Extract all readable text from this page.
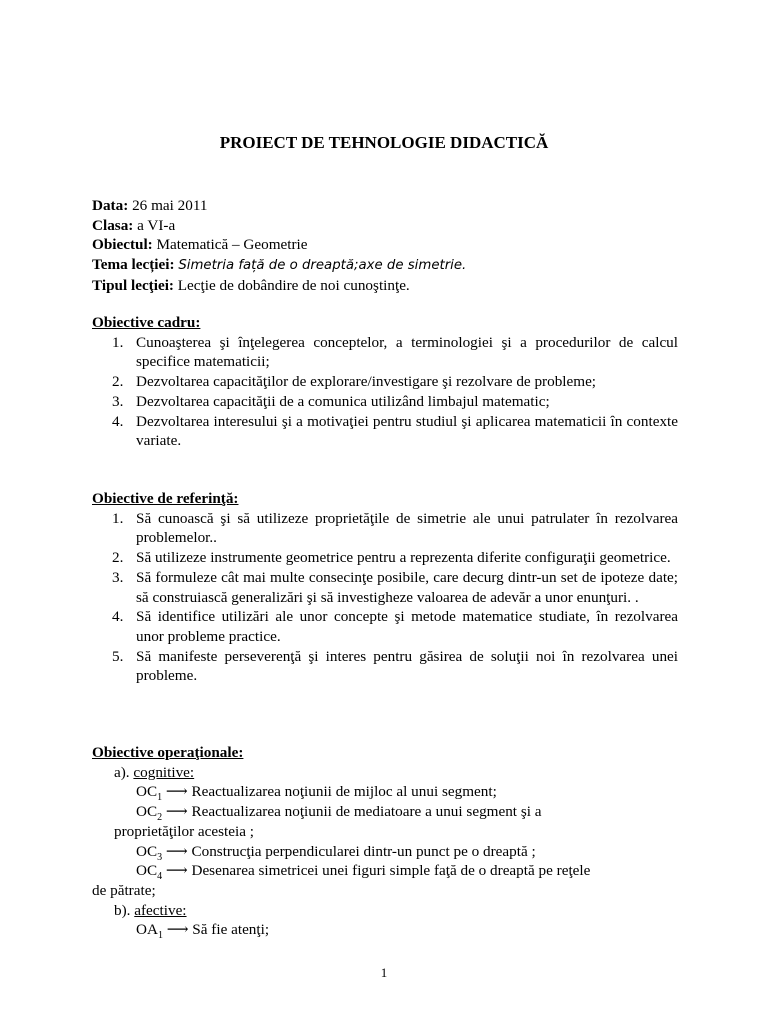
PROIECT DE TEHNOLOGIE DIDACTICĂ
Data: 26 mai 2011
Clasa: a VI-a
Obiectul: Matematică – Geometrie
Tema lecției: Simetria față de o dreaptă;axe de simetrie.
Tipul lecţiei: Lecţie de dobândire de noi cunoştinţe.
Obiective cadru:
1. Cunoaşterea şi înţelegerea conceptelor, a terminologiei şi a procedurilor de calcul specifice matematicii;
2. Dezvoltarea capacităţilor de explorare/investigare şi rezolvare de probleme;
3. Dezvoltarea capacităţii de a comunica utilizând limbajul matematic;
4. Dezvoltarea interesului şi a motivaţiei pentru studiul şi aplicarea matematicii în contexte variate.
Obiective de referinţă:
1. Să cunoască şi să utilizeze proprietăţile de simetrie ale unui patrulater în rezolvarea problemelor..
2. Să utilizeze instrumente geometrice pentru a reprezenta diferite configuraţii geometrice.
3. Să formuleze cât mai multe consecinţe posibile, care decurg dintr-un set de ipoteze date; să construiască generalizări şi să investigheze valoarea de adevăr a unor enunţuri. .
4. Să identifice utilizări ale unor concepte şi metode matematice studiate, în rezolvarea unor probleme practice.
5. Să manifeste perseverenţă şi interes pentru găsirea de soluţii noi în rezolvarea unei probleme.
Obiective operaţionale:
a). cognitive:
$OC_1$ ⟶ Reactualizarea noţiunii de mijloc al unui segment;
$OC_2$ ⟶ Reactualizarea noţiunii de mediatoare a unui segment şi a
proprietăţilor acesteia ;
$OC_3$ ⟶ Construcţia perpendicularei dintr-un punct pe o dreaptă ;
$OC_4$ ⟶ Desenarea simetricei unei figuri simple faţă de o dreaptă pe reţele
de pătrate;
b). afective:
$OA_1$ ⟶ Să fie atenţi;
1
